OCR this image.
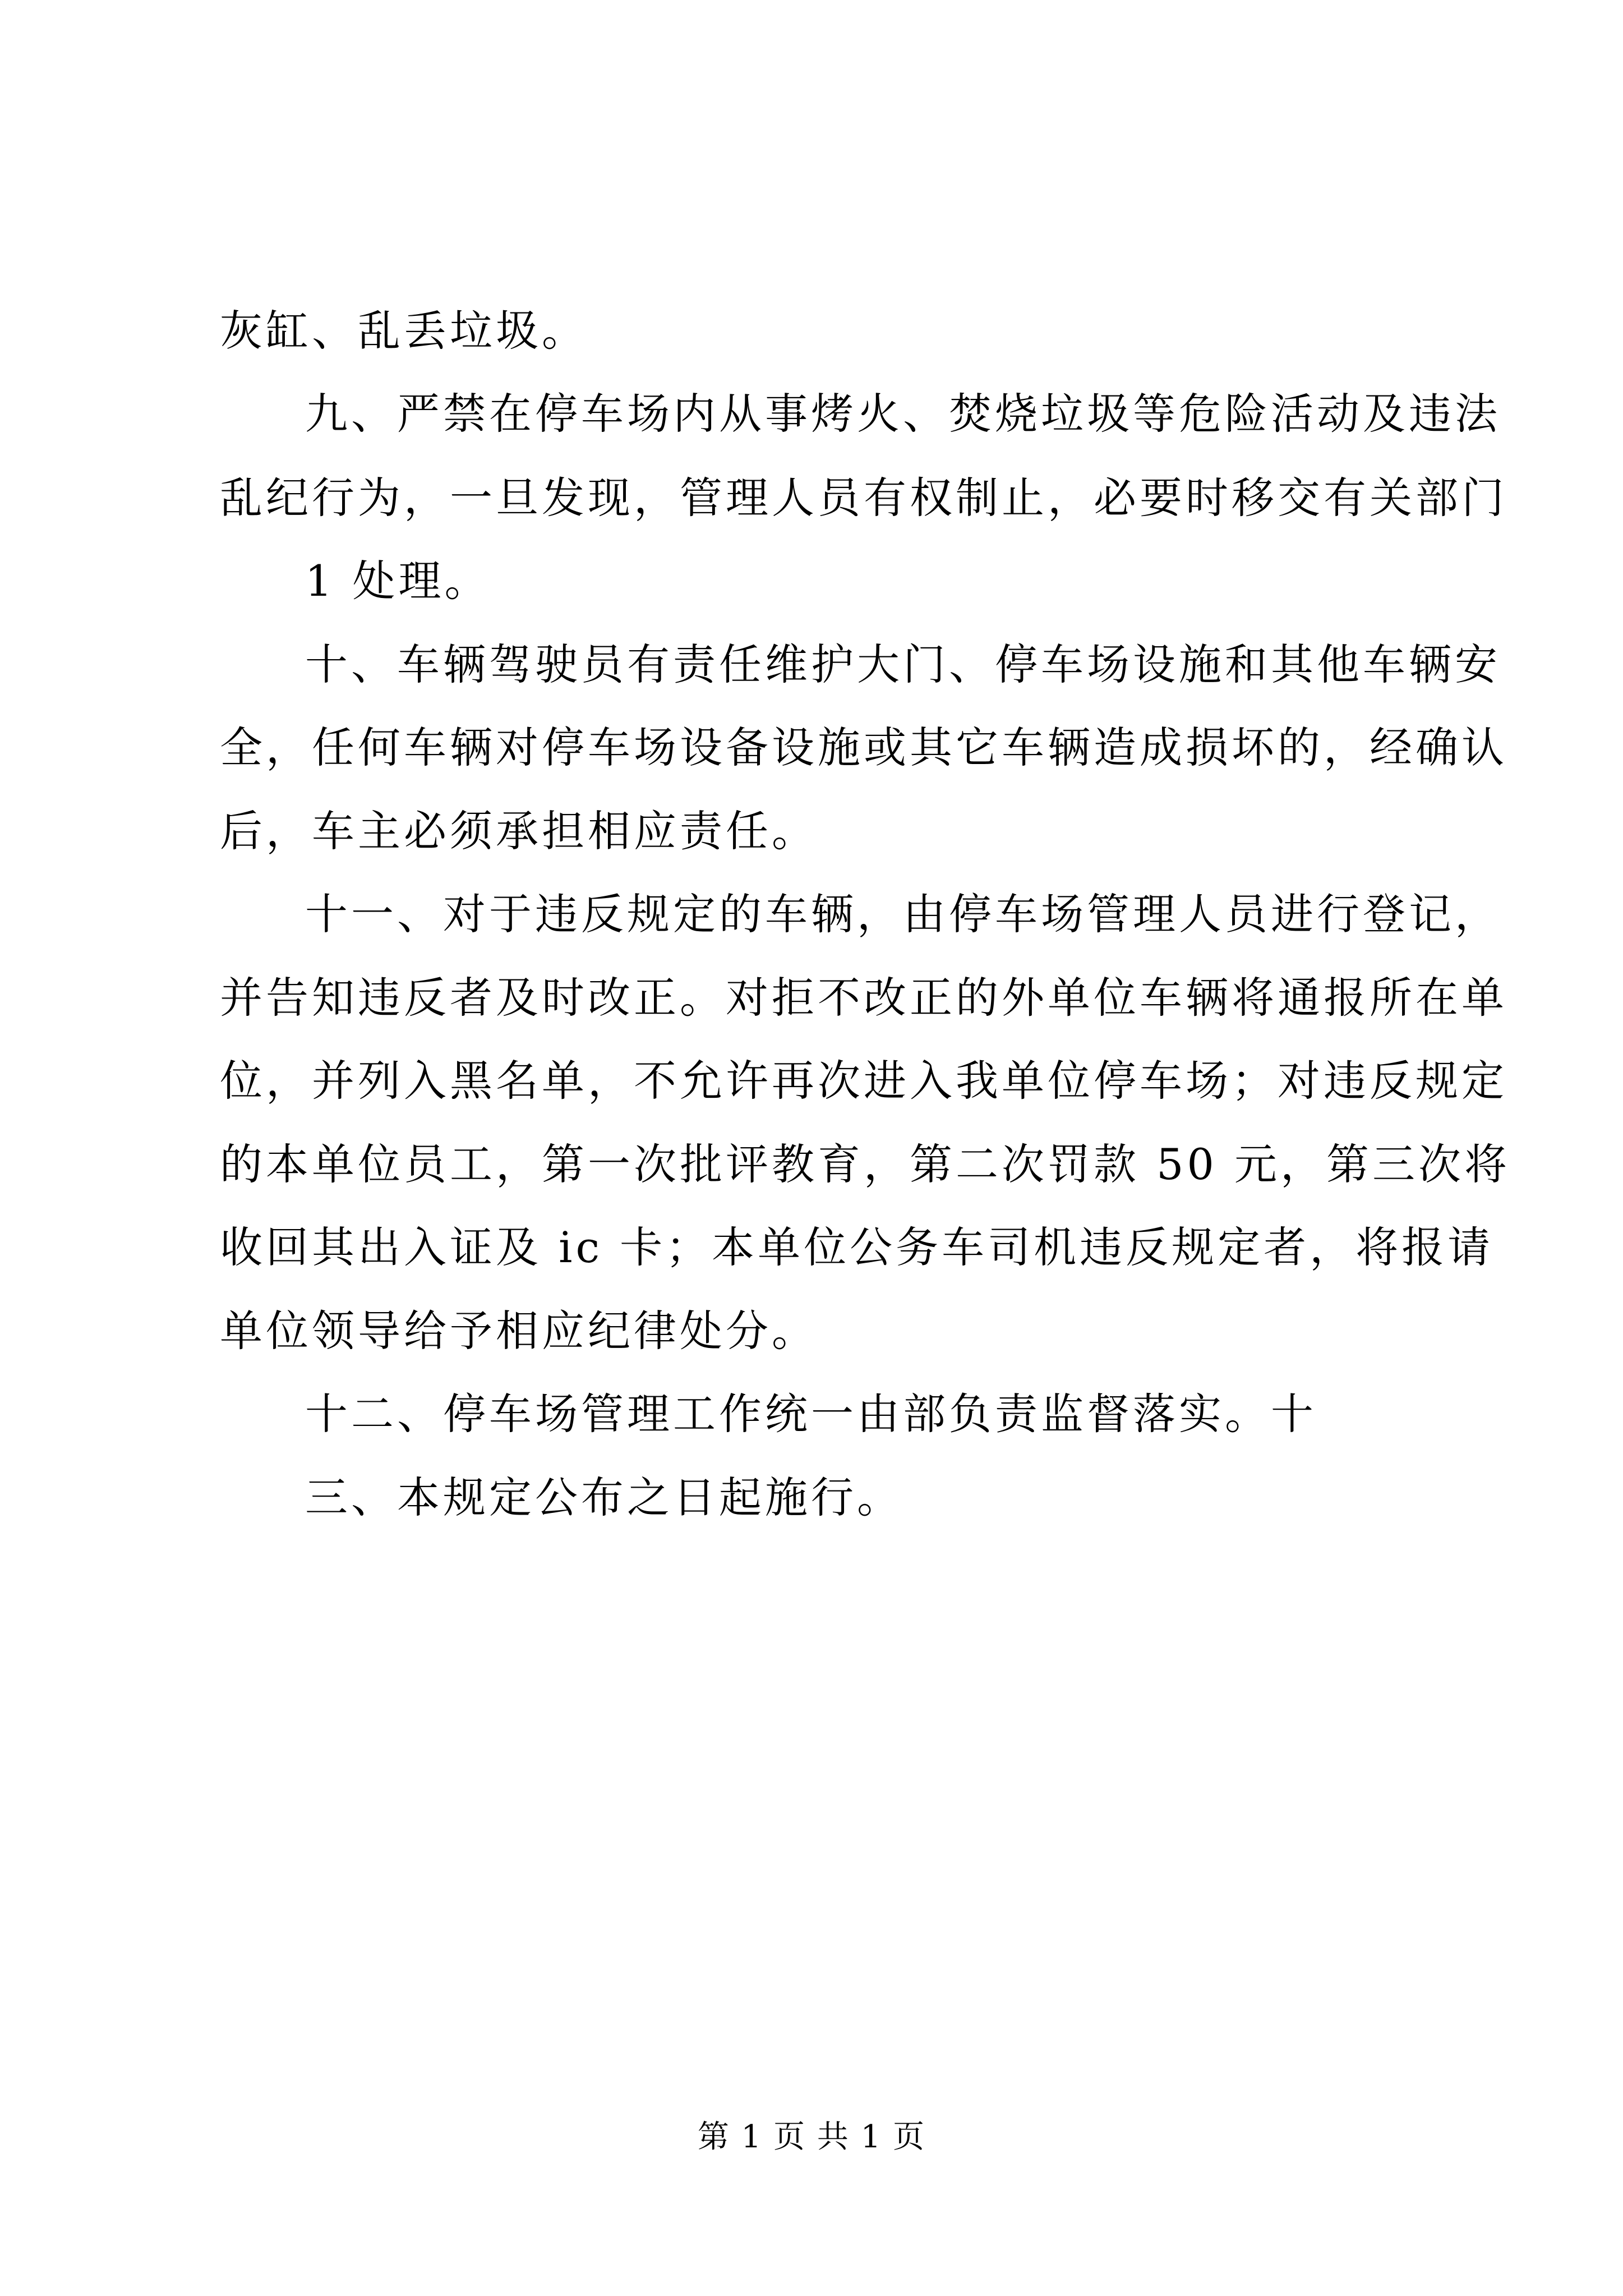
灰缸、乱丢垃圾。
九、严禁在停车场内从事烤火、焚烧垃圾等危险活动及违法
乱纪行为，一旦发现，管理人员有权制止，必要时移交有关部门
1 处理。
十、车辆驾驶员有责任维护大门、停车场设施和其他车辆安
全，任何车辆对停车场设备设施或其它车辆造成损坏的，经确认
后，车主必须承担相应责任。
十一、对于违反规定的车辆，由停车场管理人员进行登记，
并告知违反者及时改正。对拒不改正的外单位车辆将通报所在单
位，并列入黑名单，不允许再次进入我单位停车场；对违反规定
的本单位员工，第一次批评教育，第二次罚款 50 元，第三次将
收回其出入证及 ic 卡；本单位公务车司机违反规定者，将报请
单位领导给予相应纪律处分。
十二、停车场管理工作统一由部负责监督落实。十
三、本规定公布之日起施行。
第 1 页 共 1 页
